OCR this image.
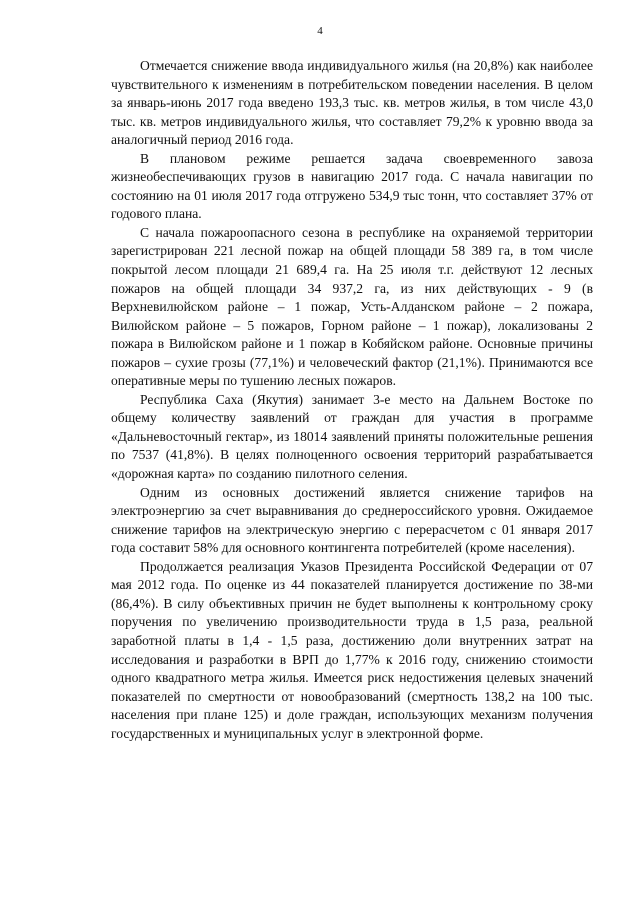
4

Отмечается снижение ввода индивидуального жилья (на 20,8%) как наиболее чувствительного к изменениям в потребительском поведении населения. В целом за январь-июнь 2017 года введено 193,3 тыс. кв. метров жилья, в том числе 43,0 тыс. кв. метров индивидуального жилья, что составляет 79,2% к уровню ввода за аналогичный период 2016 года.

В плановом режиме решается задача своевременного завоза жизнеобеспечивающих грузов в навигацию 2017 года. С начала навигации по состоянию на 01 июля 2017 года отгружено 534,9 тыс тонн, что составляет 37% от годового плана.

С начала пожароопасного сезона в республике на охраняемой территории зарегистрирован 221 лесной пожар на общей площади 58 389 га, в том числе покрытой лесом площади 21 689,4 га. На 25 июля т.г. действуют 12 лесных пожаров на общей площади 34 937,2 га, из них действующих - 9 (в Верхневилюйском районе – 1 пожар, Усть-Алданском районе – 2 пожара, Вилюйском районе – 5 пожаров, Горном районе – 1 пожар), локализованы 2 пожара в Вилюйском районе и 1 пожар в Кобяйском районе. Основные причины пожаров – сухие грозы (77,1%) и человеческий фактор (21,1%). Принимаются все оперативные меры по тушению лесных пожаров.

Республика Саха (Якутия) занимает 3-е место на Дальнем Востоке по общему количеству заявлений от граждан для участия в программе «Дальневосточный гектар», из 18014 заявлений приняты положительные решения по 7537 (41,8%). В целях полноценного освоения территорий разрабатывается «дорожная карта» по созданию пилотного селения.

Одним из основных достижений является снижение тарифов на электроэнергию за счет выравнивания до среднероссийского уровня. Ожидаемое снижение тарифов на электрическую энергию с перерасчетом с 01 января 2017 года составит 58% для основного контингента потребителей (кроме населения).

Продолжается реализация Указов Президента Российской Федерации от 07 мая 2012 года. По оценке из 44 показателей планируется достижение по 38-ми (86,4%). В силу объективных причин не будет выполнены к контрольному сроку поручения по увеличению производительности труда в 1,5 раза, реальной заработной платы в 1,4 - 1,5 раза, достижению доли внутренних затрат на исследования и разработки в ВРП до 1,77% к 2016 году, снижению стоимости одного квадратного метра жилья. Имеется риск недостижения целевых значений показателей по смертности от новообразований (смертность 138,2 на 100 тыс. населения при плане 125) и доле граждан, использующих механизм получения государственных и муниципальных услуг в электронной форме.
